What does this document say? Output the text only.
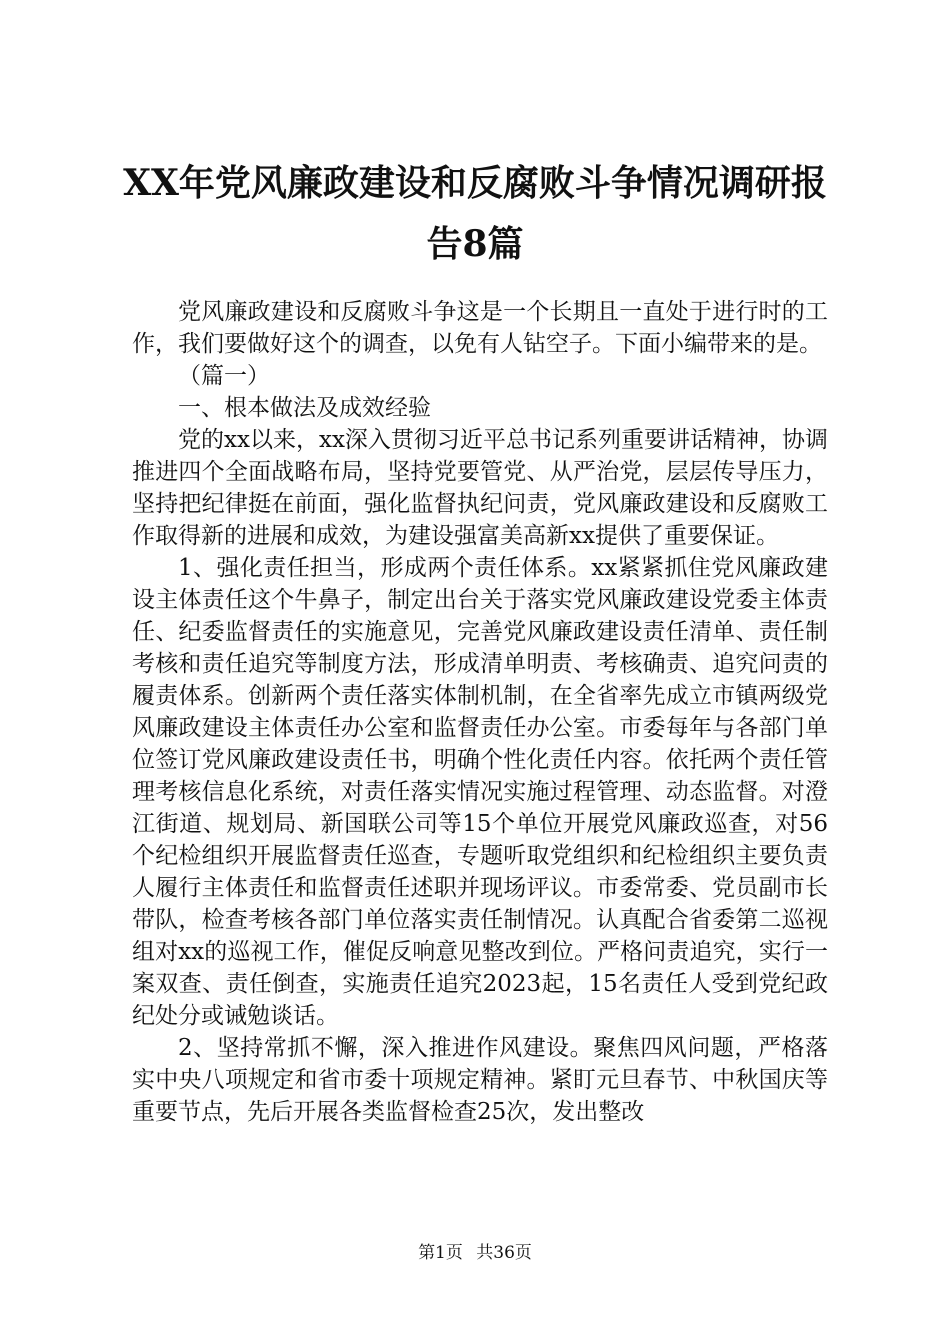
XX年党风廉政建设和反腐败斗争情况调研报
告8篇

党风廉政建设和反腐败斗争这是一个长期且一直处于进行时的工作，我们要做好这个的调查，以免有人钻空子。下面小编带来的是。

（篇一）

一、根本做法及成效经验

党的xx以来，xx深入贯彻习近平总书记系列重要讲话精神，协调推进四个全面战略布局，坚持党要管党、从严治党，层层传导压力，坚持把纪律挺在前面，强化监督执纪问责，党风廉政建设和反腐败工作取得新的进展和成效，为建设强富美高新xx提供了重要保证。

1、强化责任担当，形成两个责任体系。xx紧紧抓住党风廉政建设主体责任这个牛鼻子，制定出台关于落实党风廉政建设党委主体责任、纪委监督责任的实施意见，完善党风廉政建设责任清单、责任制考核和责任追究等制度方法，形成清单明责、考核确责、追究问责的履责体系。创新两个责任落实体制机制，在全省率先成立市镇两级党风廉政建设主体责任办公室和监督责任办公室。市委每年与各部门单位签订党风廉政建设责任书，明确个性化责任内容。依托两个责任管理考核信息化系统，对责任落实情况实施过程管理、动态监督。对澄江街道、规划局、新国联公司等15个单位开展党风廉政巡查，对56个纪检组织开展监督责任巡查，专题听取党组织和纪检组织主要负责人履行主体责任和监督责任述职并现场评议。市委常委、党员副市长带队，检查考核各部门单位落实责任制情况。认真配合省委第二巡视组对xx的巡视工作，催促反响意见整改到位。严格问责追究，实行一案双查、责任倒查，实施责任追究2023起，15名责任人受到党纪政纪处分或诫勉谈话。

2、坚持常抓不懈，深入推进作风建设。聚焦四风问题，严格落实中央八项规定和省市委十项规定精神。紧盯元旦春节、中秋国庆等重要节点，先后开展各类监督检查25次，发出整改

第1页 共36页
